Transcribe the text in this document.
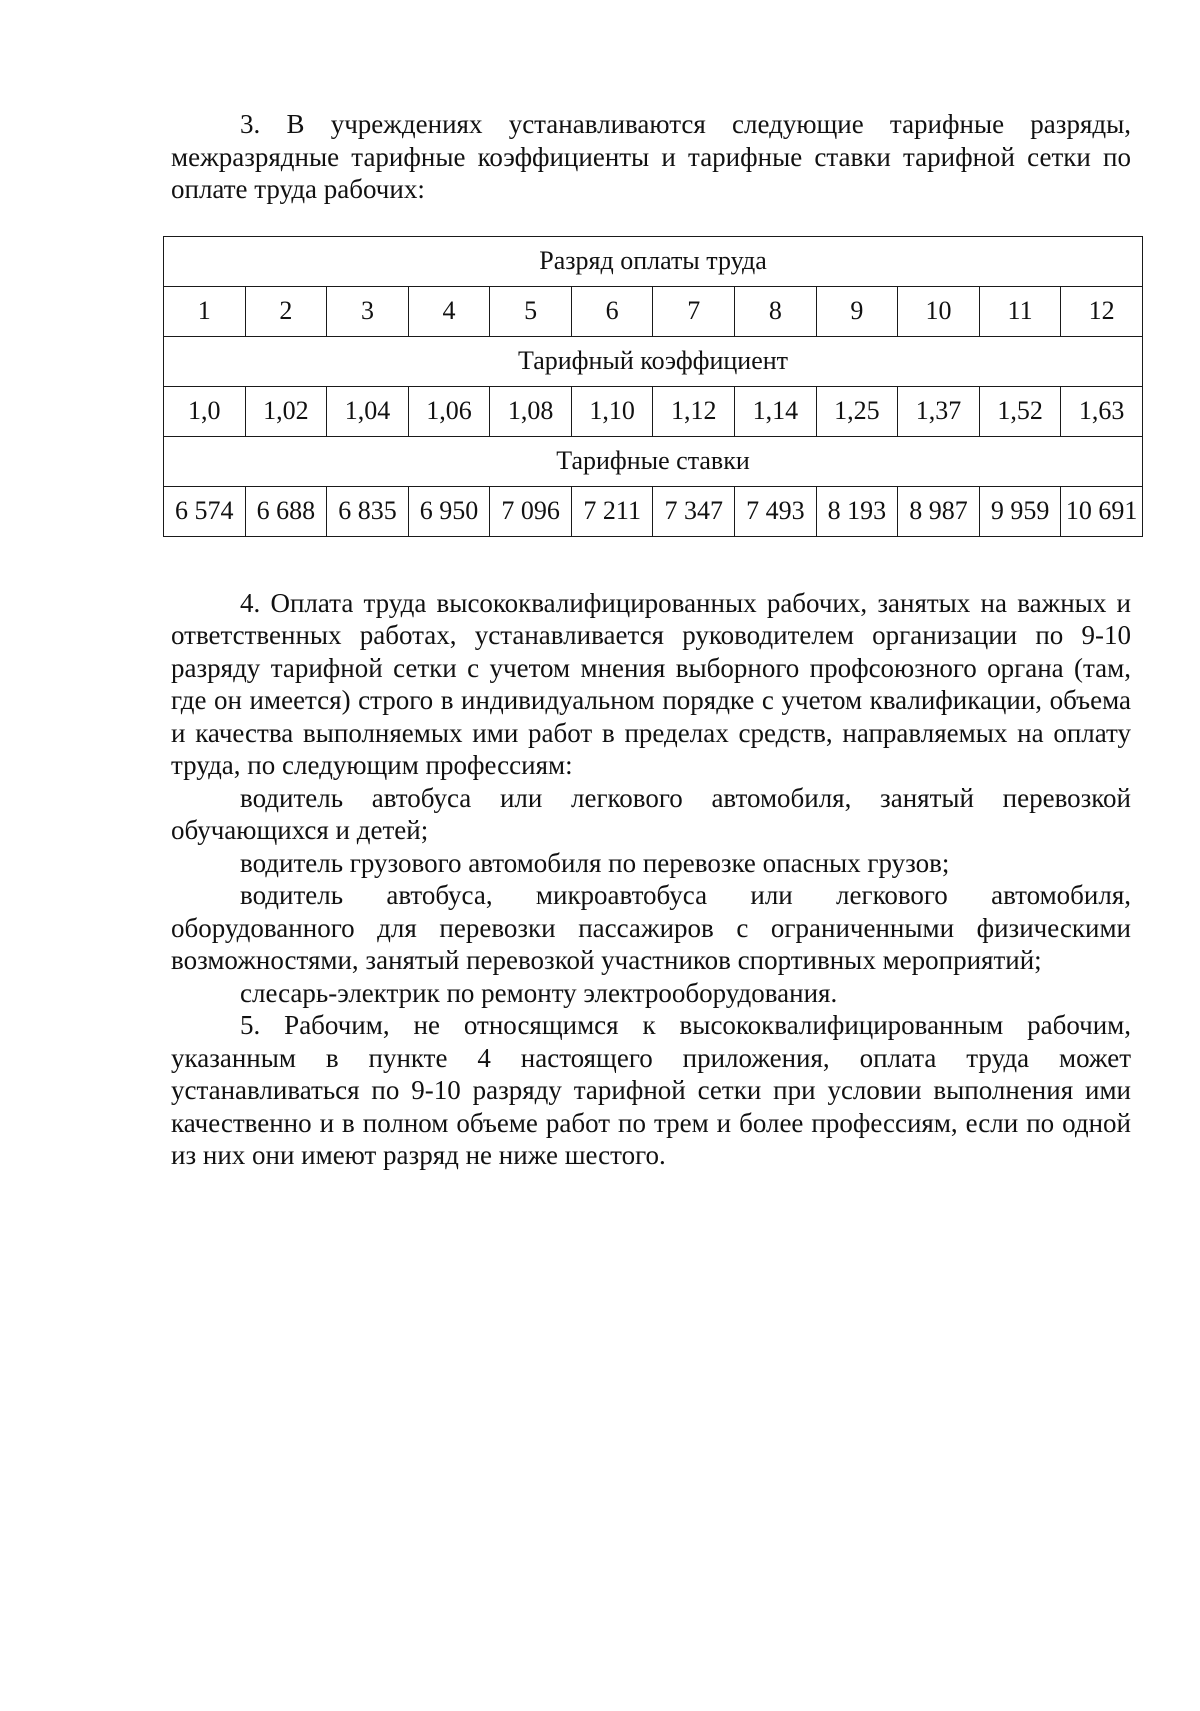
3. В учреждениях устанавливаются следующие тарифные разряды, межразрядные тарифные коэффициенты и тарифные ставки тарифной сетки по оплате труда рабочих:

Разряд оплаты труда											
1	2	3	4	5	6	7	8	9	10	11	12
Тарифный коэффициент											
1,0	1,02	1,04	1,06	1,08	1,10	1,12	1,14	1,25	1,37	1,52	1,63
Тарифные ставки											
6 574	6 688	6 835	6 950	7 096	7 211	7 347	7 493	8 193	8 987	9 959	10 691

4. Оплата труда высококвалифицированных рабочих, занятых на важных и ответственных работах, устанавливается руководителем организации по 9-10 разряду тарифной сетки с учетом мнения выборного профсоюзного органа (там, где он имеется) строго в индивидуальном порядке с учетом квалификации, объема и качества выполняемых ими работ в пределах средств, направляемых на оплату труда, по следующим профессиям:

водитель автобуса или легкового автомобиля, занятый перевозкой обучающихся и детей;

водитель грузового автомобиля по перевозке опасных грузов;

водитель автобуса, микроавтобуса или легкового автомобиля, оборудованного для перевозки пассажиров с ограниченными физическими возможностями, занятый перевозкой участников спортивных мероприятий;

слесарь-электрик по ремонту электрооборудования.

5. Рабочим, не относящимся к высококвалифицированным рабочим, указанным в пункте 4 настоящего приложения, оплата труда может устанавливаться по 9-10 разряду тарифной сетки при условии выполнения ими качественно и в полном объеме работ по трем и более профессиям, если по одной из них они имеют разряд не ниже шестого.
